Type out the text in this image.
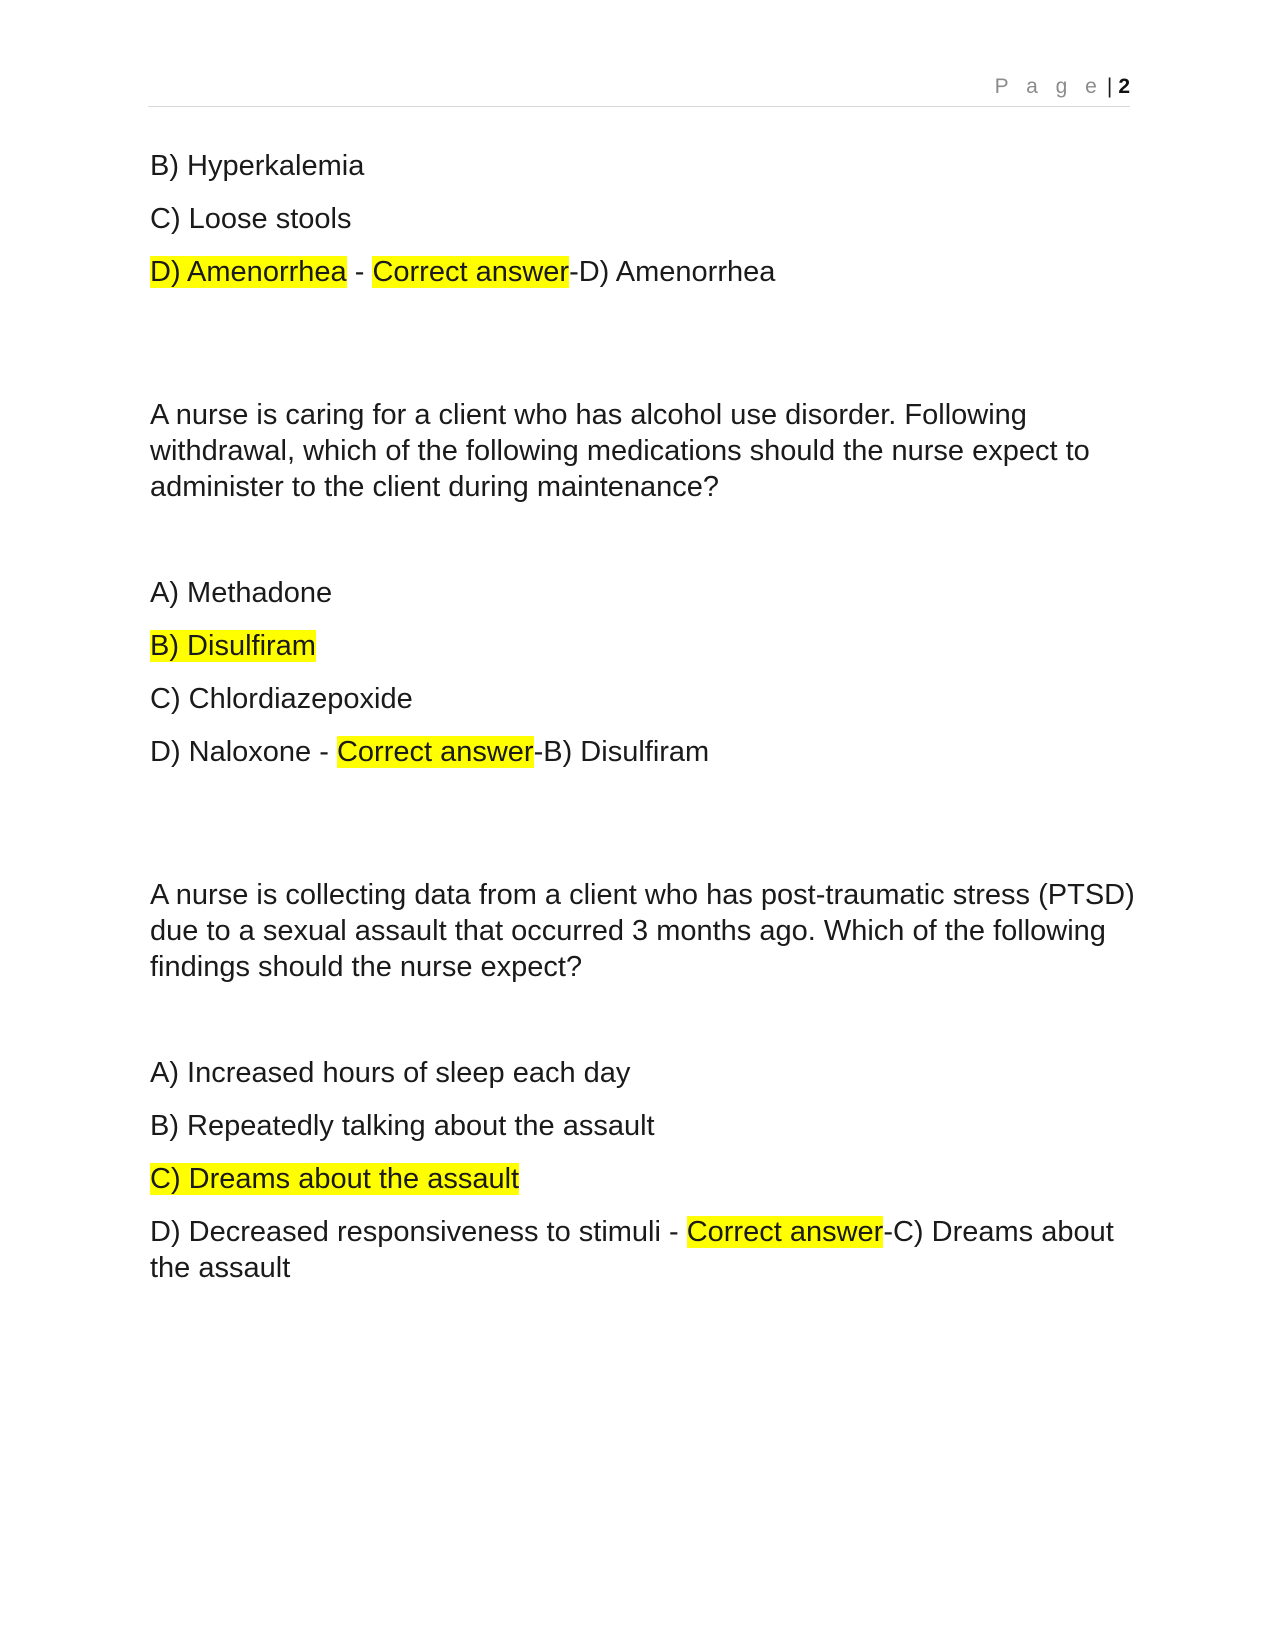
P a g e | 2

B) Hyperkalemia

C) Loose stools

D) Amenorrhea - Correct answer-D) Amenorrhea

A nurse is caring for a client who has alcohol use disorder. Following withdrawal, which of the following medications should the nurse expect to administer to the client during maintenance?

A) Methadone

B) Disulfiram

C) Chlordiazepoxide

D) Naloxone - Correct answer-B) Disulfiram

A nurse is collecting data from a client who has post-traumatic stress (PTSD) due to a sexual assault that occurred 3 months ago. Which of the following findings should the nurse expect?

A) Increased hours of sleep each day

B) Repeatedly talking about the assault

C) Dreams about the assault

D) Decreased responsiveness to stimuli - Correct answer-C) Dreams about the assault
